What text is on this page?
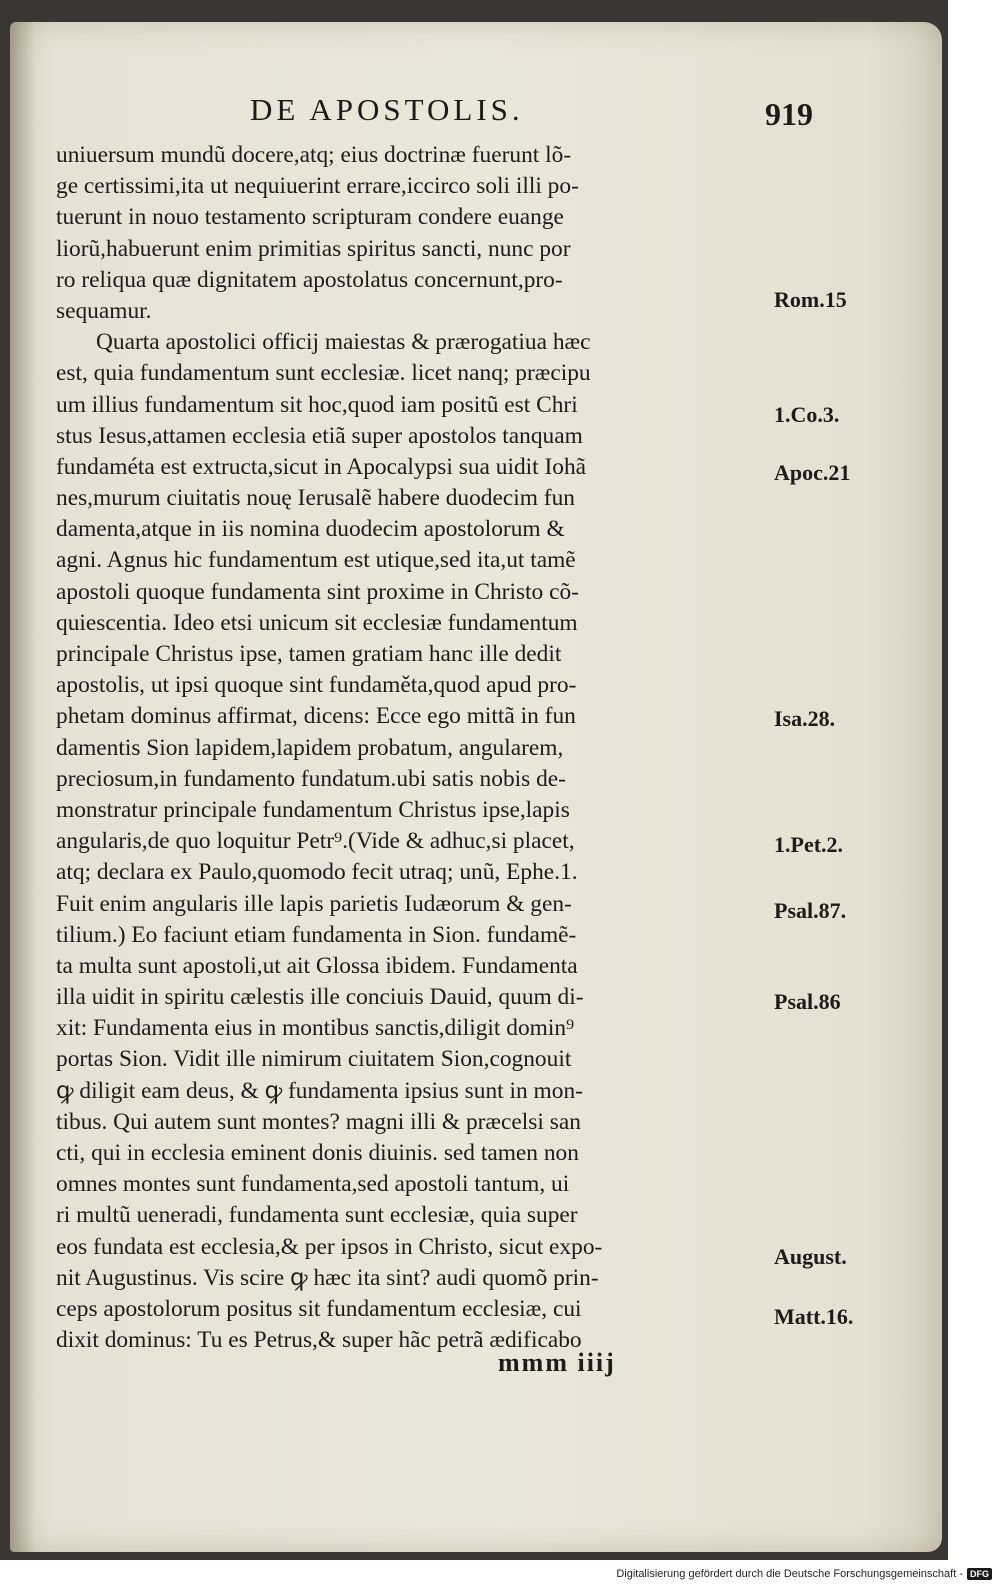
DE APOSTOLIS.	919
uniuersum mundũ docere,atq; eius doctrinæ fuerunt lõ-
ge certissimi,ita ut nequiuerint errare,iccirco soli illi po-
tuerunt in nouo testamento scripturam condere euange
liorũ,habuerunt enim primitias spiritus sancti, nunc por
ro reliqua quæ dignitatem apostolatus concernunt,pro-
sequamur.
Quarta apostolici officij maiestas & prærogatiua hæc
est, quia fundamentum sunt ecclesiæ. licet nanq; præcipu
um illius fundamentum sit hoc,quod iam positũ est Chri
stus Iesus,attamen ecclesia etiã super apostolos tanquam
fundaméta est extructa,sicut in Apocalypsi sua uidit Iohã
nes,murum ciuitatis nouę Ierusalẽ habere duodecim fun
damenta,atque in iis nomina duodecim apostolorum &
agni. Agnus hic fundamentum est utique,sed ita,ut tamẽ
apostoli quoque fundamenta sint proxime in Christo cõ-
quiescentia. Ideo etsi unicum sit ecclesiæ fundamentum
principale Christus ipse, tamen gratiam hanc ille dedit
apostolis, ut ipsi quoque sint fundaměta,quod apud pro-
phetam dominus affirmat, dicens: Ecce ego mittã in fun
damentis Sion lapidem,lapidem probatum, angularem,
preciosum,in fundamento fundatum.ubi satis nobis de-
monstratur principale fundamentum Christus ipse,lapis
angularis,de quo loquitur Petr⁹.(Vide & adhuc,si placet,
atq; declara ex Paulo,quomodo fecit utraq; unũ, Ephe.1.
Fuit enim angularis ille lapis parietis Iudæorum & gen-
tilium.) Eo faciunt etiam fundamenta in Sion. fundamẽ-
ta multa sunt apostoli,ut ait Glossa ibidem. Fundamenta
illa uidit in spiritu cælestis ille conciuis Dauid, quum di-
xit: Fundamenta eius in montibus sanctis,diligit domin⁹
portas Sion. Vidit ille nimirum ciuitatem Sion,cognouit
ꝙ diligit eam deus, & ꝙ fundamenta ipsius sunt in mon-
tibus. Qui autem sunt montes? magni illi & præcelsi san
cti, qui in ecclesia eminent donis diuinis. sed tamen non
omnes montes sunt fundamenta,sed apostoli tantum, ui
ri multũ ueneradi, fundamenta sunt ecclesiæ, quia super
eos fundata est ecclesia,& per ipsos in Christo, sicut expo-
nit Augustinus. Vis scire ꝙ hæc ita sint? audi quomõ prin-
ceps apostolorum positus sit fundamentum ecclesiæ, cui
dixit dominus: Tu es Petrus,& super hãc petrã ædificabo
Rom.15
1.Co.3.
Apoc.21
Isa.28.
1.Pet.2.
Psal.87.
Psal.86
August.
Matt.16.
mmm iiij
Digitalisierung gefördert durch die Deutsche Forschungsgemeinschaft - DFG
